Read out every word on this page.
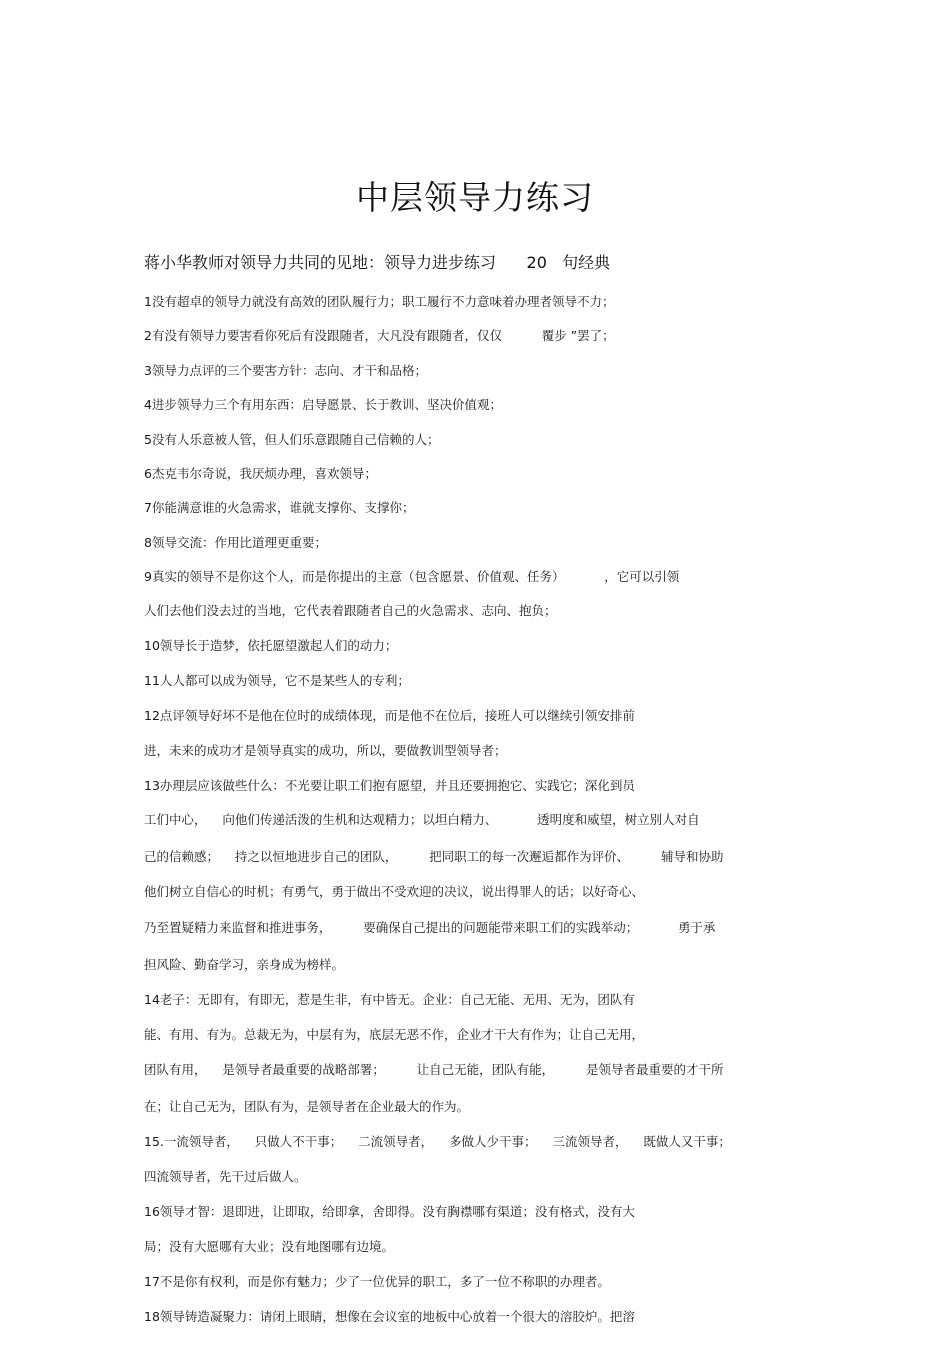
中层领导力练习
蒋小华教师对领导力共同的见地：领导力进步练习      20   句经典
1没有超卓的领导力就没有高效的团队履行力；职工履行不力意味着办理者领导不力；
2有没有领导力要害看你死后有没跟随者，大凡没有跟随者，仅仅          覆步 ”罢了；
3领导力点评的三个要害方针：志向、才干和品格；
4进步领导力三个有用东西：启导愿景、长于教训、坚决价值观；
5没有人乐意被人管，但人们乐意跟随自己信赖的人；
6杰克韦尔奇说，我厌烦办理，喜欢领导；
7你能满意谁的火急需求，谁就支撑你、支撑你；
8领导交流：作用比道理更重要；
9真实的领导不是你这个人，而是你提出的主意（包含愿景、价值观、任务）          ，它可以引领
人们去他们没去过的当地，它代表着跟随者自己的火急需求、志向、抱负；
10领导长于造梦，依托愿望激起人们的动力；
11人人都可以成为领导，它不是某些人的专利；
12点评领导好坏不是他在位时的成绩体现，而是他不在位后，接班人可以继续引领安排前
进，未来的成功才是领导真实的成功，所以，要做教训型领导者；
13办理层应该做些什么：不光要让职工们抱有愿望，并且还要拥抱它、实践它；深化到员
工们中心，    向他们传递活泼的生机和达观精力；以坦白精力、          透明度和威望，树立别人对自
己的信赖感；    持之以恒地进步自己的团队，        把同职工的每一次邂逅都作为评价、        辅导和协助
他们树立自信心的时机；有勇气，勇于做出不受欢迎的决议，说出得罪人的话；以好奇心、
乃至置疑精力来监督和推进事务，        要确保自己提出的问题能带来职工们的实践举动；          勇于承
担风险、勤奋学习，亲身成为榜样。
14老子：无即有，有即无，惹是生非，有中皆无。企业：自己无能、无用、无为，团队有
能、有用、有为。总裁无为，中层有为，底层无恶不作，企业才干大有作为；让自己无用，
团队有用，    是领导者最重要的战略部署；        让自己无能，团队有能，        是领导者最重要的才干所
在；让自己无为，团队有为，是领导者在企业最大的作为。
15.一流领导者，    只做人不干事；    二流领导者，    多做人少干事；    三流领导者，    既做人又干事；
四流领导者，先干过后做人。
16领导才智：退即进，让即取，给即拿，舍即得。没有胸襟哪有渠道；没有格式，没有大
局；没有大愿哪有大业；没有地图哪有边境。
17不是你有权利，而是你有魅力；少了一位优异的职工，多了一位不称职的办理者。
18领导铸造凝聚力：请闭上眼睛，想像在会议室的地板中心放着一个很大的溶胶炉。把溶
